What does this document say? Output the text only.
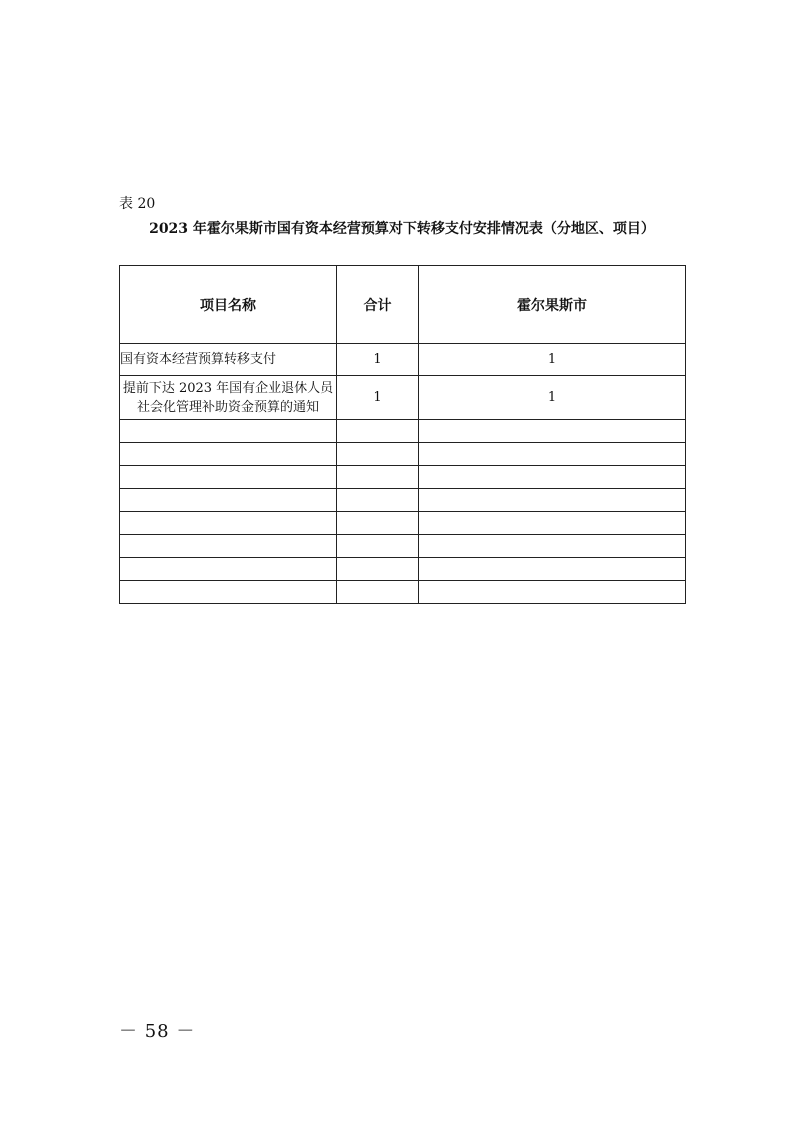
表 20
2023 年霍尔果斯市国有资本经营预算对下转移支付安排情况表（分地区、项目）
项目名称	合计	霍尔果斯市
国有资本经营预算转移支付	1	1
提前下达 2023 年国有企业退休人员社会化管理补助资金预算的通知	1	1

－ 58 －
